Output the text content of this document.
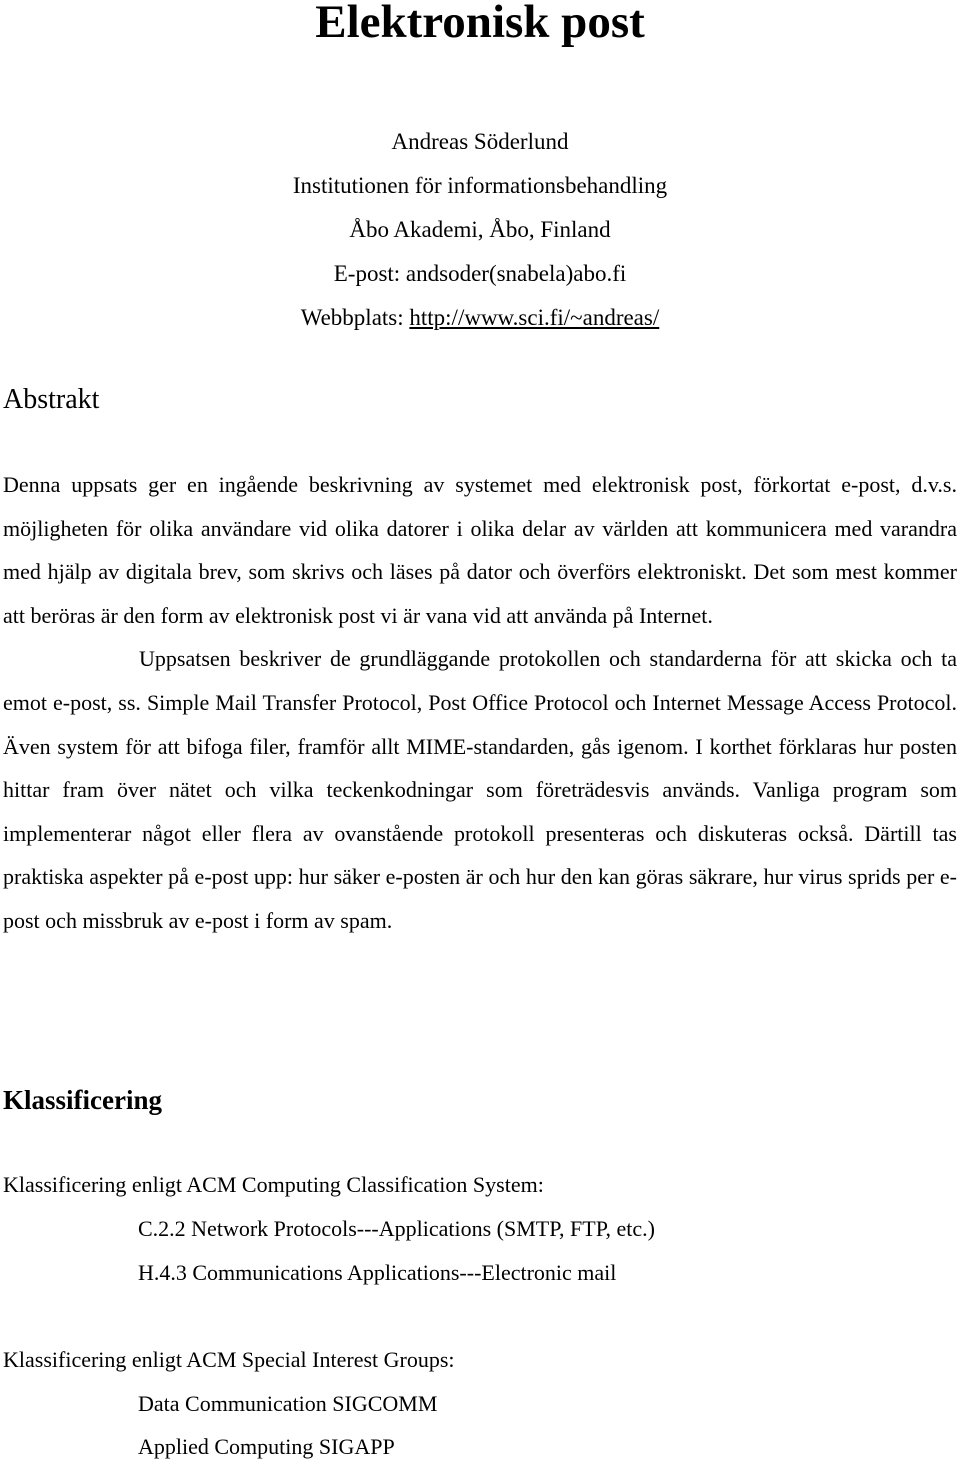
Elektronisk post
Andreas Söderlund
Institutionen för informationsbehandling
Åbo Akademi, Åbo, Finland
E-post: andsoder(snabela)abo.fi
Webbplats: http://www.sci.fi/~andreas/
Abstrakt

Denna uppsats ger en ingående beskrivning av systemet med elektronisk post, förkortat e-post, d.v.s. möjligheten för olika användare vid olika datorer i olika delar av världen att kommunicera med varandra med hjälp av digitala brev, som skrivs och läses på dator och överförs elektroniskt. Det som mest kommer att beröras är den form av elektronisk post vi är vana vid att använda på Internet.

Uppsatsen beskriver de grundläggande protokollen och standarderna för att skicka och ta emot e-post, ss. Simple Mail Transfer Protocol, Post Office Protocol och Internet Message Access Protocol. Även system för att bifoga filer, framför allt MIME-standarden, gås igenom. I korthet förklaras hur posten hittar fram över nätet och vilka teckenkodningar som företrädesvis används. Vanliga program som implementerar något eller flera av ovanstående protokoll presenteras och diskuteras också. Därtill tas praktiska aspekter på e-post upp: hur säker e-posten är och hur den kan göras säkrare, hur virus sprids per e-post och missbruk av e-post i form av spam.

Klassificering
Klassificering enligt ACM Computing Classification System:
C.2.2 Network Protocols---Applications (SMTP, FTP, etc.)
H.4.3 Communications Applications---Electronic mail
Klassificering enligt ACM Special Interest Groups:
Data Communication SIGCOMM
Applied Computing SIGAPP
